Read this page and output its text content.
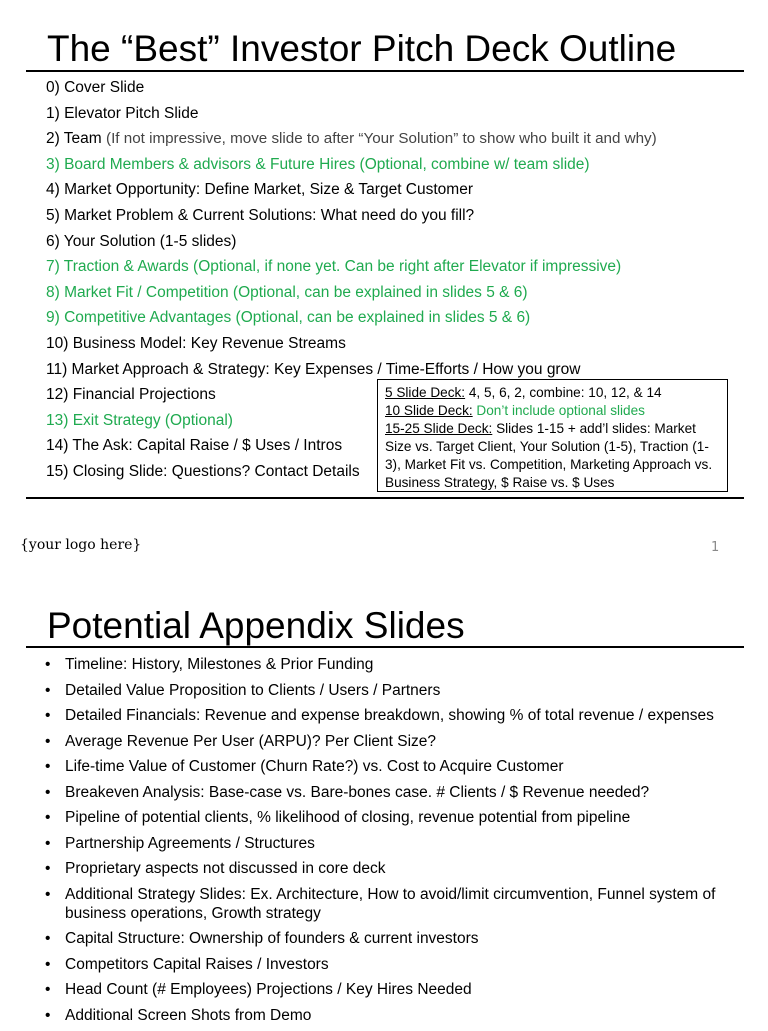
The “Best” Investor Pitch Deck Outline
0) Cover Slide
1) Elevator Pitch Slide
2) Team (If not impressive, move slide to after “Your Solution” to show who built it and why)
3) Board Members & advisors & Future Hires (Optional, combine w/ team slide)
4) Market Opportunity: Define Market, Size & Target Customer
5) Market Problem & Current Solutions: What need do you fill?
6) Your Solution (1-5 slides)
7) Traction & Awards (Optional, if none yet. Can be right after Elevator if impressive)
8) Market Fit / Competition (Optional, can be explained in slides 5 & 6)
9) Competitive Advantages (Optional, can be explained in slides 5 & 6)
10) Business Model: Key Revenue Streams
11) Market Approach & Strategy: Key Expenses / Time-Efforts / How you grow
12) Financial Projections
13) Exit Strategy (Optional)
14) The Ask: Capital Raise / $ Uses / Intros
15) Closing Slide: Questions? Contact Details
5 Slide Deck: 4, 5, 6, 2, combine: 10, 12, & 14
10 Slide Deck: Don’t include optional slides
15-25 Slide Deck: Slides 1-15 + add’l slides: Market Size vs. Target Client, Your Solution (1-5), Traction (1-3), Market Fit vs. Competition, Marketing Approach vs. Business Strategy, $ Raise vs. $ Uses
{your logo here}	1
Potential Appendix Slides
• Timeline: History, Milestones & Prior Funding
• Detailed Value Proposition to Clients / Users / Partners
• Detailed Financials: Revenue and expense breakdown, showing % of total revenue / expenses
• Average Revenue Per User (ARPU)? Per Client Size?
• Life-time Value of Customer (Churn Rate?) vs. Cost to Acquire Customer
• Breakeven Analysis: Base-case vs. Bare-bones case. # Clients / $ Revenue needed?
• Pipeline of potential clients, % likelihood of closing, revenue potential from pipeline
• Partnership Agreements / Structures
• Proprietary aspects not discussed in core deck
• Additional Strategy Slides: Ex. Architecture, How to avoid/limit circumvention, Funnel system of business operations, Growth strategy
• Capital Structure: Ownership of founders & current investors
• Competitors Capital Raises / Investors
• Head Count (# Employees) Projections / Key Hires Needed
• Additional Screen Shots from Demo
